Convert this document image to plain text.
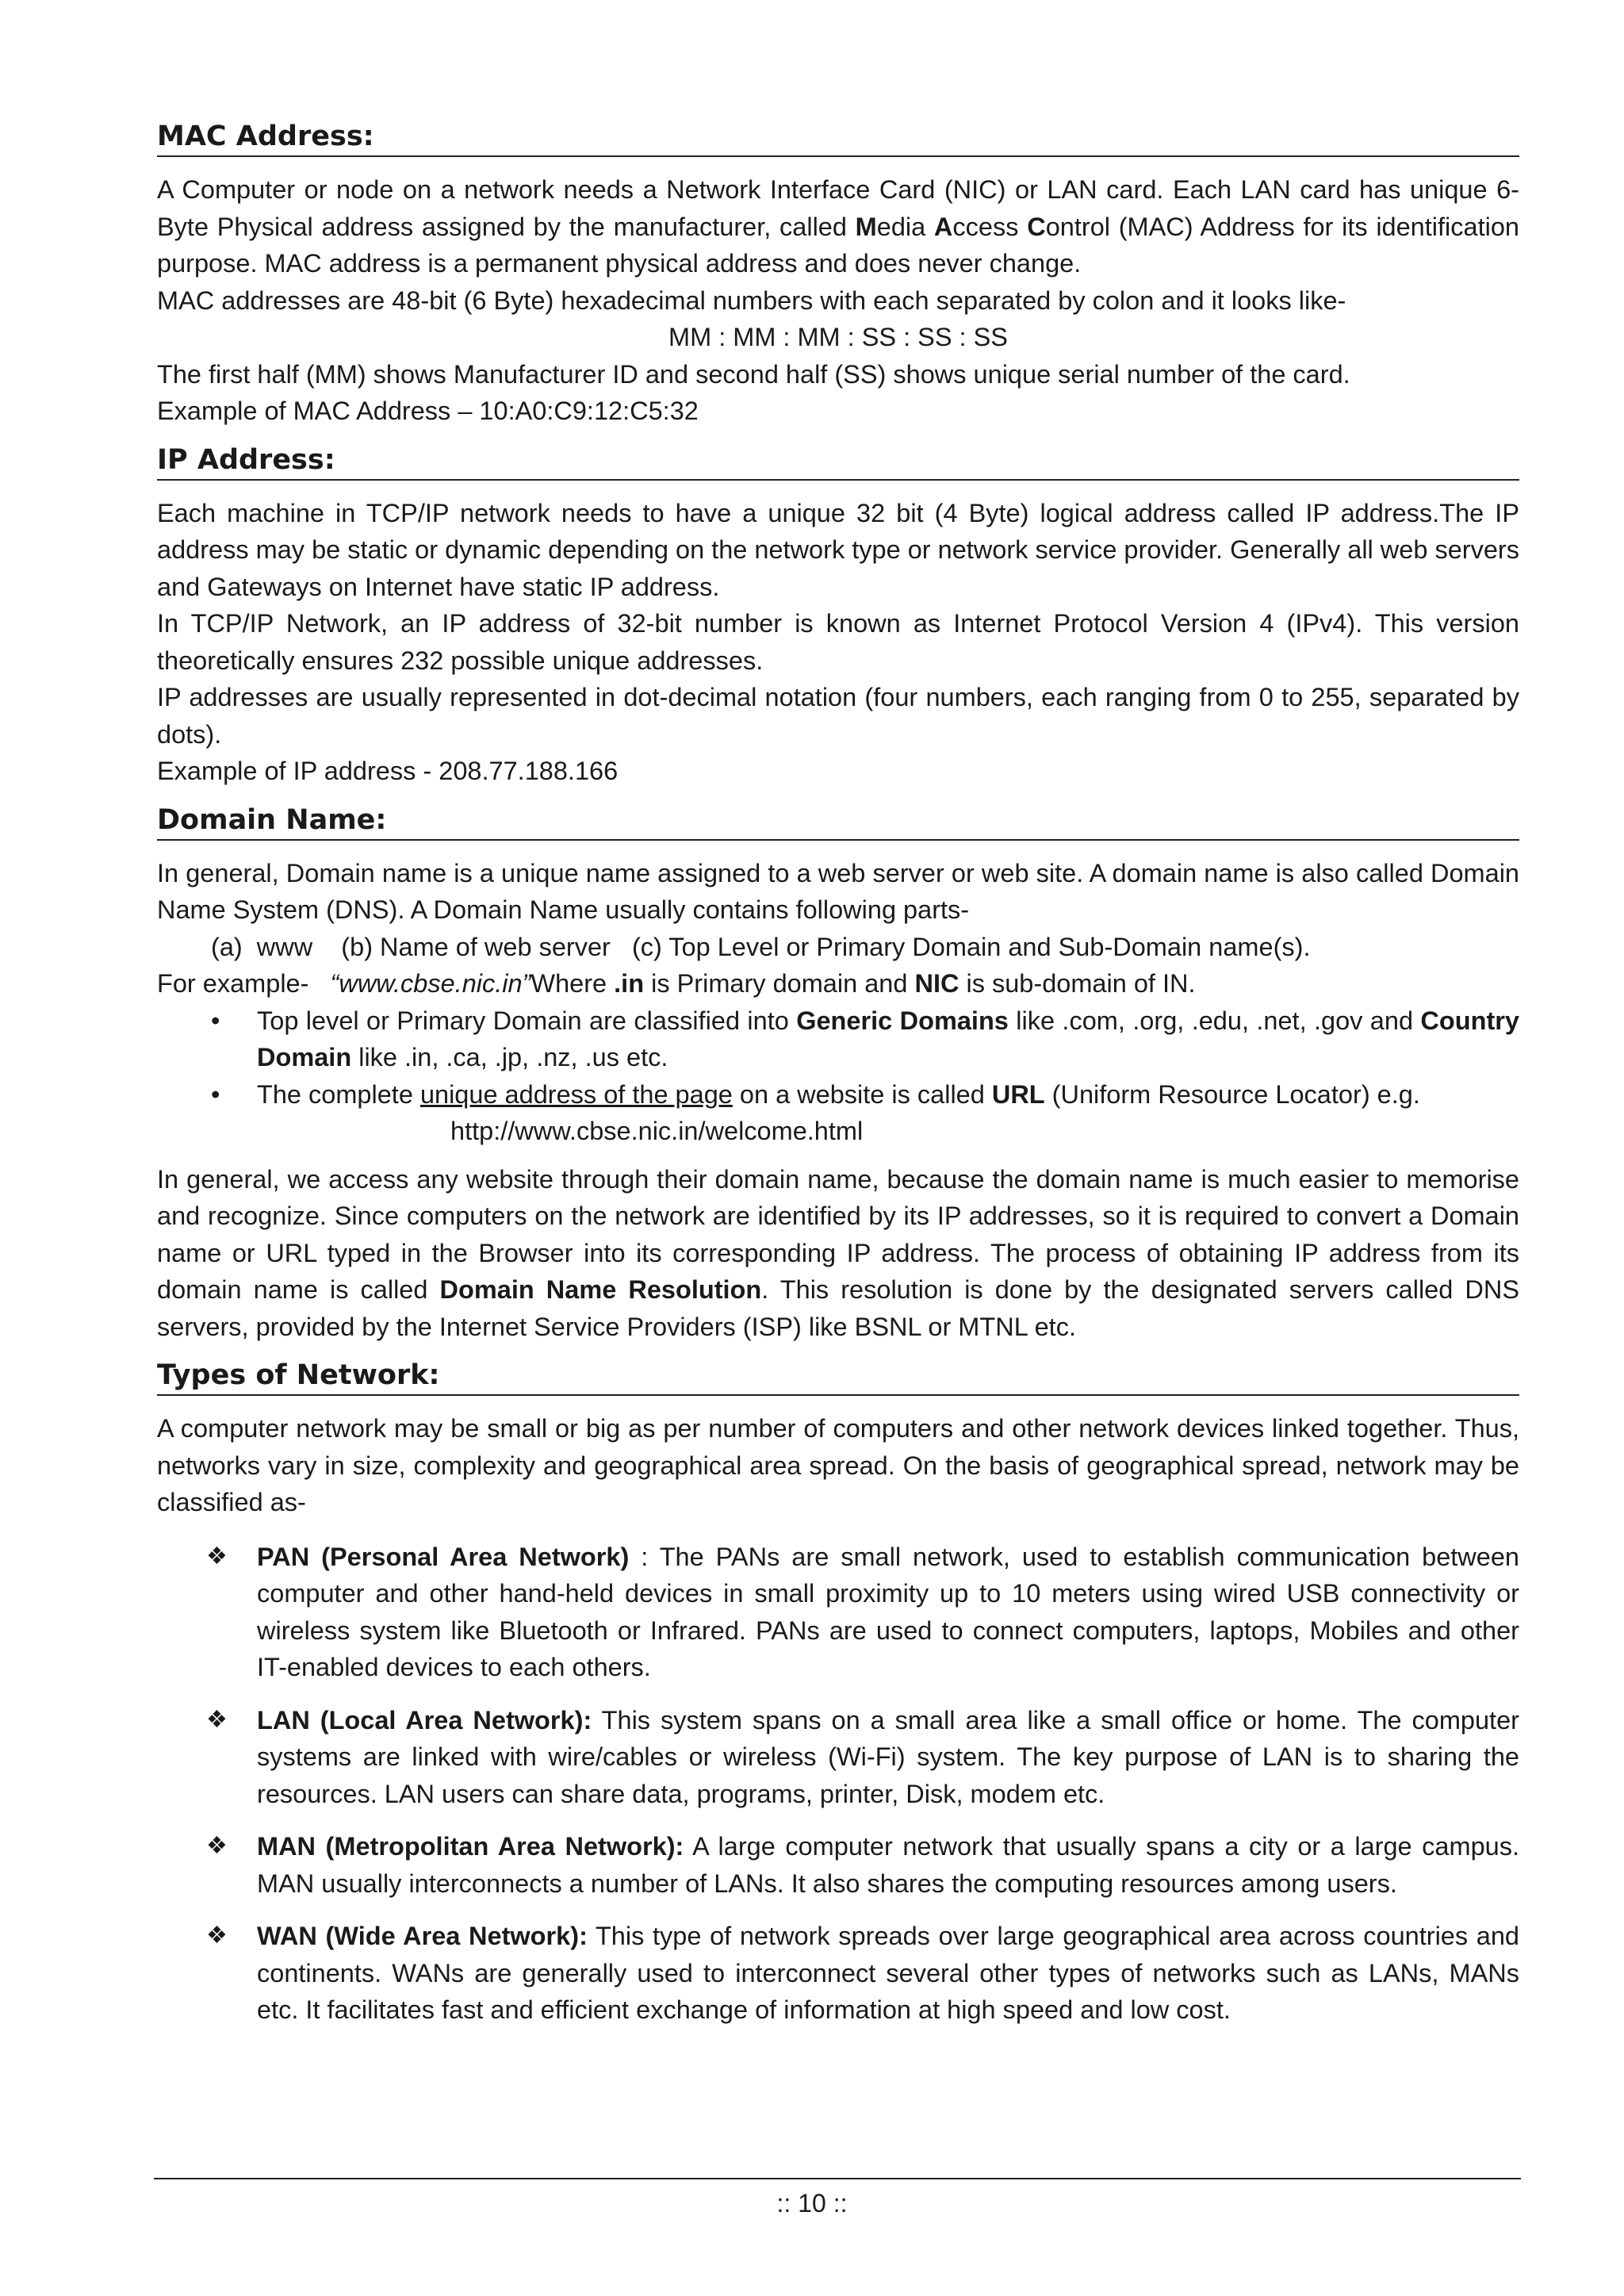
MAC Address:

A Computer or node on a network needs a Network Interface Card (NIC) or LAN card. Each LAN card has unique 6-Byte Physical address assigned by the manufacturer, called Media Access Control (MAC) Address for its identification purpose. MAC address is a permanent physical address and does never change.

MAC addresses are 48-bit (6 Byte) hexadecimal numbers with each separated by colon and it looks like-

MM : MM : MM : SS : SS : SS

The first half (MM) shows Manufacturer ID and second half (SS) shows unique serial number of the card.

Example of MAC Address – 10:A0:C9:12:C5:32

IP Address:

Each machine in TCP/IP network needs to have a unique 32 bit (4 Byte) logical address called IP address.The IP address may be static or dynamic depending on the network type or network service provider. Generally all web servers and Gateways on Internet have static IP address.

In TCP/IP Network, an IP address of 32-bit number is known as Internet Protocol Version 4 (IPv4). This version theoretically ensures 232 possible unique addresses.

IP addresses are usually represented in dot-decimal notation (four numbers, each ranging from 0 to 255, separated by dots).

Example of IP address - 208.77.188.166

Domain Name:

In general, Domain name is a unique name assigned to a web server or web site. A domain name is also called Domain Name System (DNS). A Domain Name usually contains following parts-

(a)  www    (b) Name of web server   (c) Top Level or Primary Domain and Sub-Domain name(s).

For example-   “www.cbse.nic.in”Where .in is Primary domain and NIC is sub-domain of IN.

• Top level or Primary Domain are classified into Generic Domains like .com, .org, .edu, .net, .gov and Country Domain like .in, .ca, .jp, .nz, .us etc.
• The complete unique address of the page on a website is called URL (Uniform Resource Locator) e.g.
http://www.cbse.nic.in/welcome.html

In general, we access any website through their domain name, because the domain name is much easier to memorise and recognize. Since computers on the network are identified by its IP addresses, so it is required to convert a Domain name or URL typed in the Browser into its corresponding IP address. The process of obtaining IP address from its domain name is called Domain Name Resolution. This resolution is done by the designated servers called DNS servers, provided by the Internet Service Providers (ISP) like BSNL or MTNL etc.

Types of Network:

A computer network may be small or big as per number of computers and other network devices linked together. Thus, networks vary in size, complexity and geographical area spread. On the basis of geographical spread, network may be classified as-

❖ PAN (Personal Area Network) : The PANs are small network, used to establish communication between computer and other hand-held devices in small proximity up to 10 meters using wired USB connectivity or wireless system like Bluetooth or Infrared. PANs are used to connect computers, laptops, Mobiles and other IT-enabled devices to each others.
❖ LAN (Local Area Network): This system spans on a small area like a small office or home. The computer systems are linked with wire/cables or wireless (Wi-Fi) system. The key purpose of LAN is to sharing the resources. LAN users can share data, programs, printer, Disk, modem etc.
❖ MAN (Metropolitan Area Network): A large computer network that usually spans a city or a large campus. MAN usually interconnects a number of LANs. It also shares the computing resources among users.
❖ WAN (Wide Area Network): This type of network spreads over large geographical area across countries and continents. WANs are generally used to interconnect several other types of networks such as LANs, MANs etc. It facilitates fast and efficient exchange of information at high speed and low cost.
:: 10 ::
